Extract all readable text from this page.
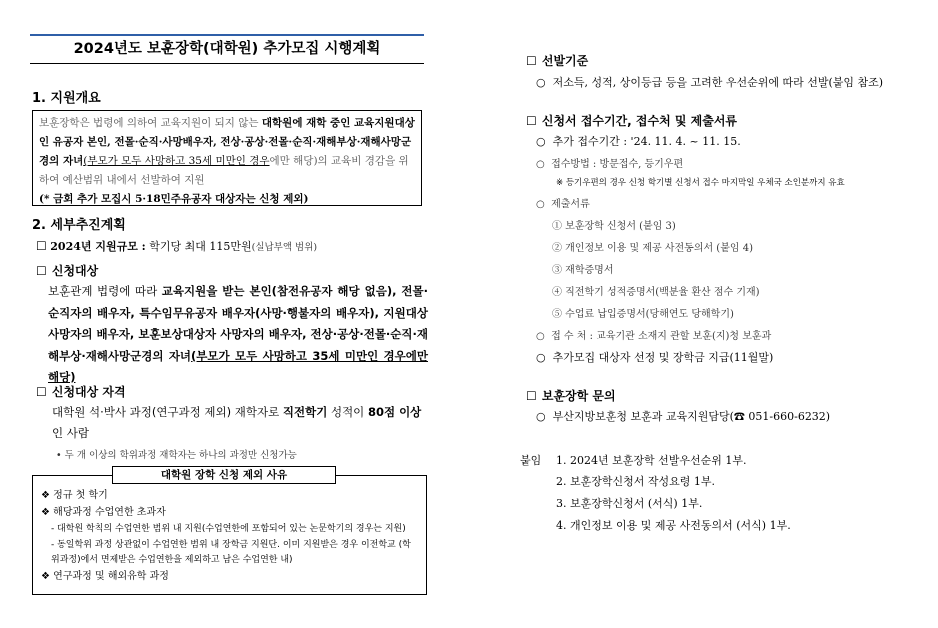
2024년도 보훈장학(대학원) 추가모집 시행계획
1. 지원개요
보훈장학은 법령에 의하여 교육지원이 되지 않는 대학원에 재학 중인 교육지원대상인 유공자 본인, 전몰·순직·사망배우자, 전상·공상·전몰·순직·재해부상·재해사망군경의 자녀(부모가 모두 사망하고 35세 미만인 경우에만 해당)의 교육비 경감을 위하여 예산범위 내에서 선발하여 지원
(* 금회 추가 모집시 5·18민주유공자 대상자는 신청 제외)
2. 세부추진계획
☐ 2024년 지원규모 : 학기당 최대 115만원(실납부액 범위)
☐ 신청대상
보훈관계 법령에 따라 교육지원을 받는 본인(참전유공자 해당 없음), 전몰·순직자의 배우자, 특수임무유공자 배우자(사망·행불자의 배우자), 지원대상 사망자의 배우자, 보훈보상대상자 사망자의 배우자, 전상·공상·전몰·순직·재해부상·재해사망군경의 자녀(부모가 모두 사망하고 35세 미만인 경우에만 해당)
☐ 신청대상 자격
대학원 석·박사 과정(연구과정 제외) 재학자로 직전학기 성적이 80점 이상인 사람
• 두 개 이상의 학위과정 재학자는 하나의 과정만 신청가능
❖ 정규 첫 학기
❖ 해당과정 수업연한 초과자
- 대학원 학칙의 수업연한 범위 내 지원(수업연한에 포함되어 있는 논문학기의 경우는 지원)
- 동일학위 과정 상관없이 수업연한 범위 내 장학금 지원단. 이미 지원받은 경우 이전학교 (학위과정)에서 면제받은 수업연한을 제외하고 남은 수업연한 내)
❖ 연구과정 및 해외유학 과정
대학원 장학 신청 제외 사유
☐ 선발기준
○  저소득, 성적, 상이등급 등을 고려한 우선순위에 따라 선발(붙임 참조)
☐ 신청서 접수기간, 접수처 및 제출서류
○  추가 접수기간 : '24. 11. 4. ~ 11. 15.
○  접수방법 : 방문접수, 등기우편
※ 등기우편의 경우 신청 학기별 신청서 접수 마지막일 우체국 소인분까지 유효
○  제출서류
① 보훈장학 신청서 (붙임 3)
② 개인정보 이용 및 제공 사전동의서 (붙임 4)
③ 재학증명서
④ 직전학기 성적증명서(백분율 환산 점수 기재)
⑤ 수업료 납입증명서(당해연도 당해학기)
○  접 수 처 : 교육기관 소재지 관할 보훈(지)청 보훈과
○  추가모집 대상자 선정 및 장학금 지급(11월말)
☐ 보훈장학 문의
○  부산지방보훈청 보훈과 교육지원담당(☎ 051-660-6232)
붙임 1. 2024년 보훈장학 선발우선순위 1부.
2. 보훈장학신청서 작성요령 1부.
3. 보훈장학신청서 (서식) 1부.
4. 개인정보 이용 및 제공 사전동의서 (서식) 1부.
